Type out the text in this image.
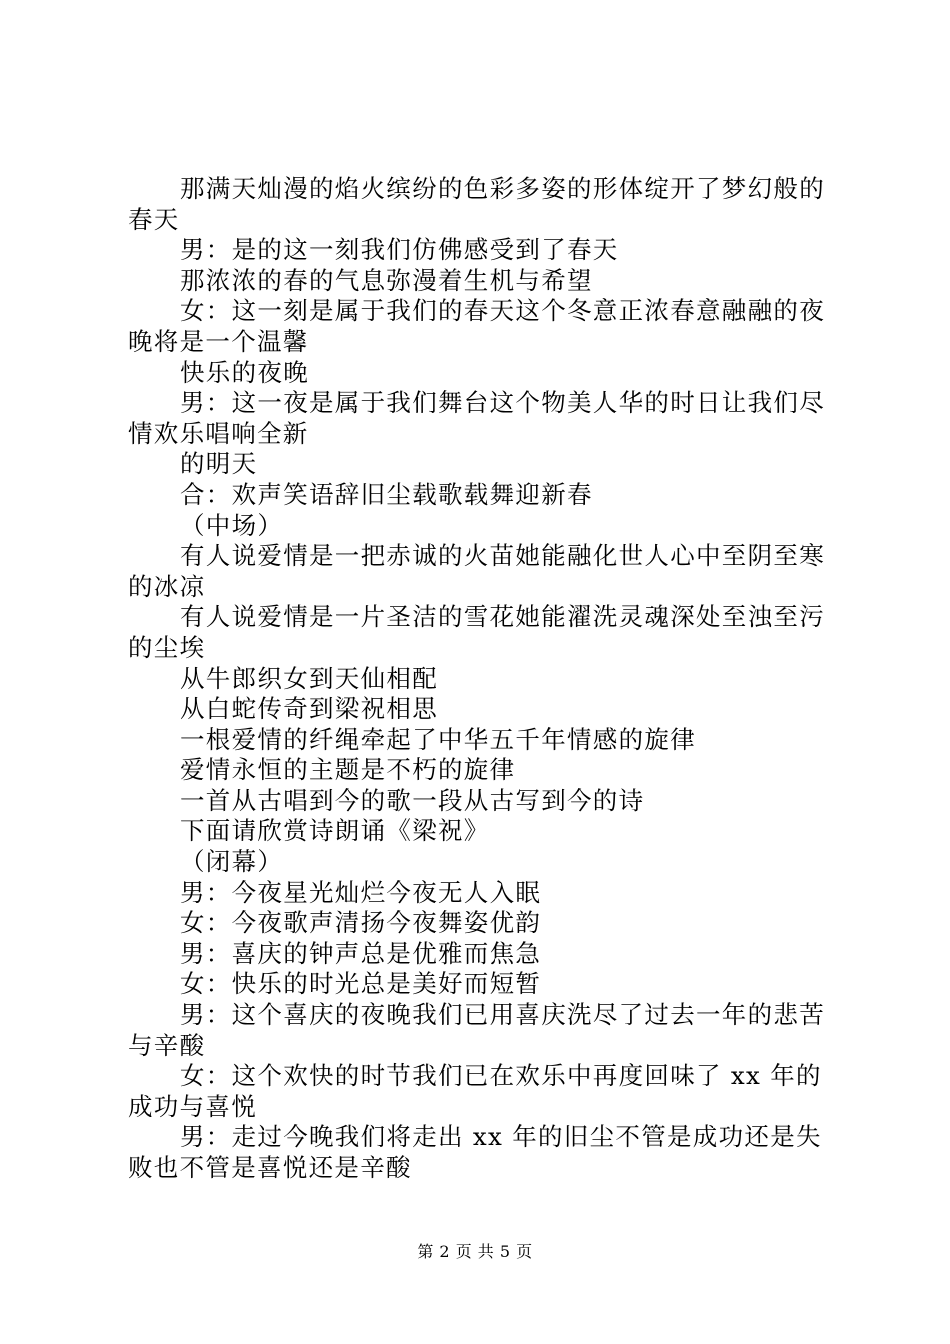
那满天灿漫的焰火缤纷的色彩多姿的形体绽开了梦幻般的春天

男：是的这一刻我们仿佛感受到了春天

那浓浓的春的气息弥漫着生机与希望

女：这一刻是属于我们的春天这个冬意正浓春意融融的夜晚将是一个温馨

快乐的夜晚

男：这一夜是属于我们舞台这个物美人华的时日让我们尽情欢乐唱响全新

的明天

合：欢声笑语辞旧尘载歌载舞迎新春

（中场）

有人说爱情是一把赤诚的火苗她能融化世人心中至阴至寒的冰凉

有人说爱情是一片圣洁的雪花她能濯洗灵魂深处至浊至污的尘埃

从牛郎织女到天仙相配

从白蛇传奇到梁祝相思

一根爱情的纤绳牵起了中华五千年情感的旋律

爱情永恒的主题是不朽的旋律

一首从古唱到今的歌一段从古写到今的诗

下面请欣赏诗朗诵《梁祝》

（闭幕）

男：今夜星光灿烂今夜无人入眠

女：今夜歌声清扬今夜舞姿优韵

男：喜庆的钟声总是优雅而焦急

女：快乐的时光总是美好而短暂

男：这个喜庆的夜晚我们已用喜庆洗尽了过去一年的悲苦与辛酸

女：这个欢快的时节我们已在欢乐中再度回味了 xx 年的成功与喜悦

男：走过今晚我们将走出 xx 年的旧尘不管是成功还是失败也不管是喜悦还是辛酸

第 2 页 共 5 页
